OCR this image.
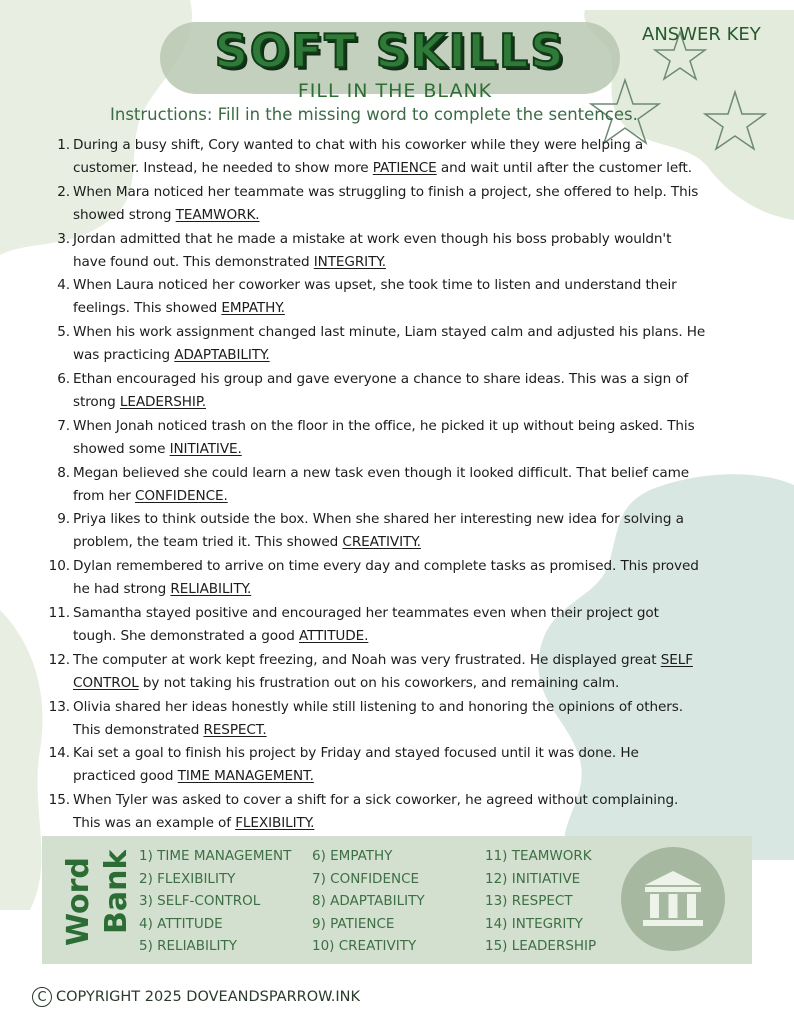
SOFT SKILLS
FILL IN THE BLANK
ANSWER KEY
Instructions: Fill in the missing word to complete the sentences.
1. During a busy shift, Cory wanted to chat with his coworker while they were helping a
customer. Instead, he needed to show more PATIENCE and wait until after the customer left.
2. When Mara noticed her teammate was struggling to finish a project, she offered to help. This
showed strong TEAMWORK.
3. Jordan admitted that he made a mistake at work even though his boss probably wouldn't
have found out. This demonstrated INTEGRITY.
4. When Laura noticed her coworker was upset, she took time to listen and understand their
feelings. This showed EMPATHY.
5. When his work assignment changed last minute, Liam stayed calm and adjusted his plans. He
was practicing ADAPTABILITY.
6. Ethan encouraged his group and gave everyone a chance to share ideas. This was a sign of
strong LEADERSHIP.
7. When Jonah noticed trash on the floor in the office, he picked it up without being asked. This
showed some INITIATIVE.
8. Megan believed she could learn a new task even though it looked difficult. That belief came
from her CONFIDENCE.
9. Priya likes to think outside the box. When she shared her interesting new idea for solving a
problem, the team tried it. This showed CREATIVITY.
10. Dylan remembered to arrive on time every day and complete tasks as promised. This proved
he had strong RELIABILITY.
11. Samantha stayed positive and encouraged her teammates even when their project got
tough. She demonstrated a good ATTITUDE.
12. The computer at work kept freezing, and Noah was very frustrated. He displayed great SELF
CONTROL by not taking his frustration out on his coworkers, and remaining calm.
13. Olivia shared her ideas honestly while still listening to and honoring the opinions of others.
This demonstrated RESPECT.
14. Kai set a goal to finish his project by Friday and stayed focused until it was done. He
practiced good TIME MANAGEMENT.
15. When Tyler was asked to cover a shift for a sick coworker, he agreed without complaining.
This was an example of FLEXIBILITY.
Word Bank 1) TIME MANAGEMENT
2) FLEXIBILITY
3) SELF-CONTROL
4) ATTITUDE
5) RELIABILITY
6) EMPATHY
7) CONFIDENCE
8) ADAPTABILITY
9) PATIENCE
10) CREATIVITY
11) TEAMWORK
12) INITIATIVE
13) RESPECT
14) INTEGRITY
15) LEADERSHIP
C COPYRIGHT 2025 DOVEANDSPARROW.INK
